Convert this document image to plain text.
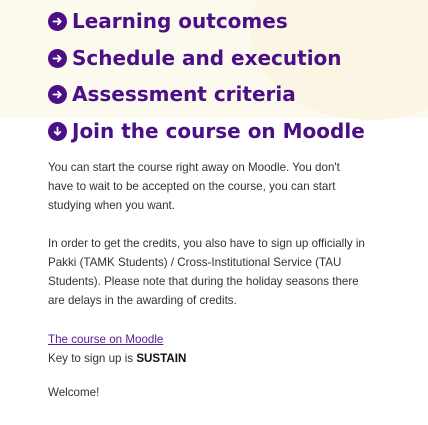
Learning outcomes
Schedule and execution
Assessment criteria
Join the course on Moodle

You can start the course right away on Moodle. You don't have to wait to be accepted on the course, you can start studying when you want.

In order to get the credits, you also have to sign up officially in Pakki (TAMK Students) / Cross-Institutional Service (TAU Students). Please note that during the holiday seasons there are delays in the awarding of credits.

The course on Moodle
Key to sign up is SUSTAIN
Welcome!
